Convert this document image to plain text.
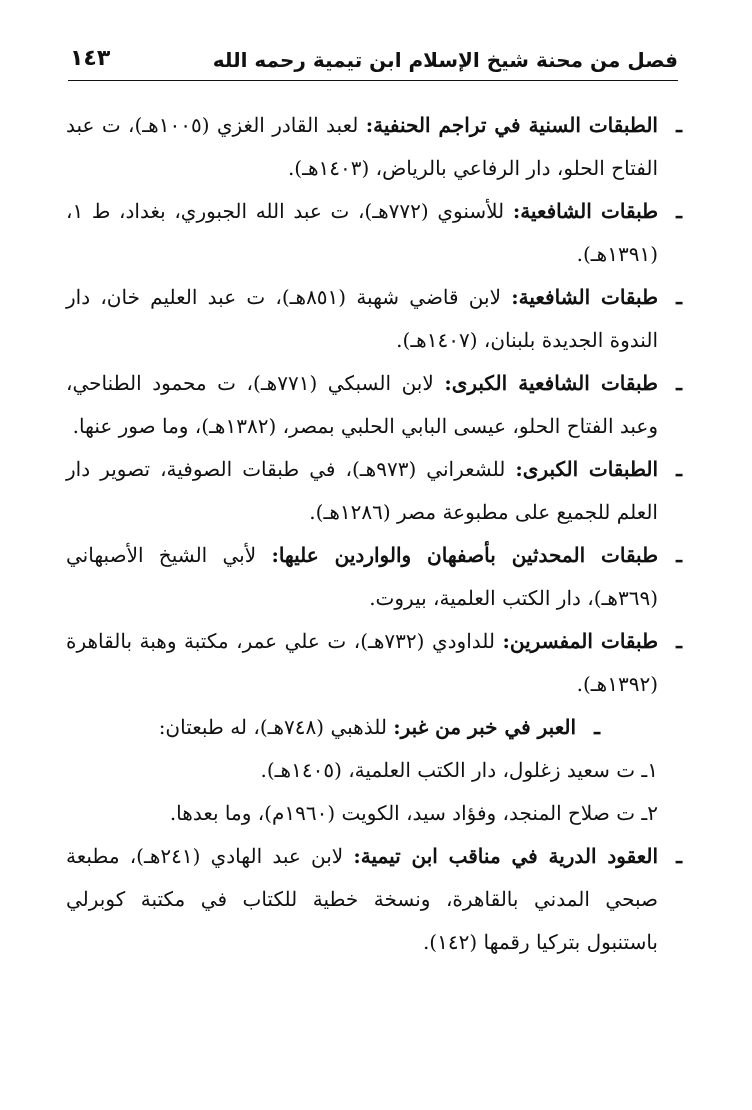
فصل من محنة شيخ الإسلام ابن تيمية رحمه الله
١٤٣

ـ
الطبقات السنية في تراجم الحنفية: لعبد القادر الغزي (١٠٠٥هـ)، ت عبد الفتاح الحلو، دار الرفاعي بالرياض، (١٤٠٣هـ).

ـ
طبقات الشافعية: للأسنوي (٧٧٢هـ)، ت عبد الله الجبوري، بغداد، ط ١، (١٣٩١هـ).

ـ
طبقات الشافعية: لابن قاضي شهبة (٨٥١هـ)، ت عبد العليم خان، دار الندوة الجديدة بلبنان، (١٤٠٧هـ).

ـ
طبقات الشافعية الكبرى: لابن السبكي (٧٧١هـ)، ت محمود الطناحي، وعبد الفتاح الحلو، عيسى البابي الحلبي بمصر، (١٣٨٢هـ)، وما صور عنها.

ـ
الطبقات الكبرى: للشعراني (٩٧٣هـ)، في طبقات الصوفية، تصوير دار العلم للجميع على مطبوعة مصر (١٢٨٦هـ).

ـ
طبقات المحدثين بأصفهان والواردين عليها: لأبي الشيخ الأصبهاني (٣٦٩هـ)، دار الكتب العلمية، بيروت.

ـ
طبقات المفسرين: للداودي (٧٣٢هـ)، ت علي عمر، مكتبة وهبة بالقاهرة (١٣٩٢هـ).

ـ
العبر في خبر من غبر: للذهبي (٧٤٨هـ)، له طبعتان:

١ـ ت سعيد زغلول، دار الكتب العلمية، (١٤٠٥هـ).

٢ـ ت صلاح المنجد، وفؤاد سيد، الكويت (١٩٦٠م)، وما بعدها.

ـ
العقود الدرية في مناقب ابن تيمية: لابن عبد الهادي (٢٤١هـ)، مطبعة صبحي المدني بالقاهرة، ونسخة خطية للكتاب في مكتبة كوبرلي باستنبول بتركيا رقمها (١٤٢).
